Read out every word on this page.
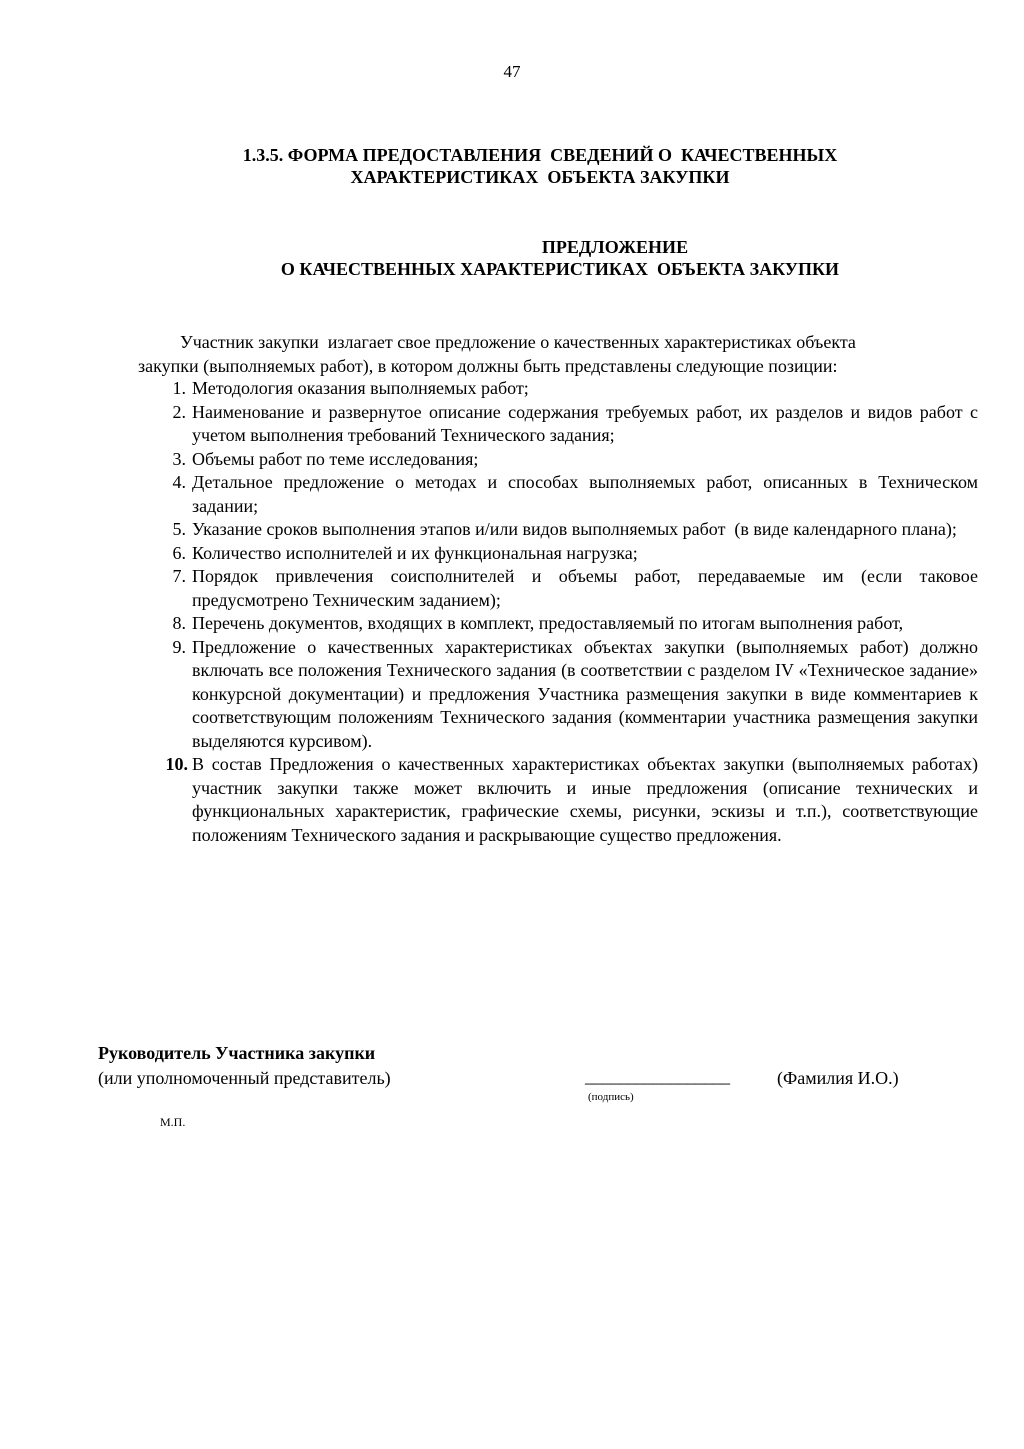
47
1.3.5. ФОРМА ПРЕДОСТАВЛЕНИЯ  СВЕДЕНИЙ О  КАЧЕСТВЕННЫХ
ХАРАКТЕРИСТИКАХ  ОБЪЕКТА ЗАКУПКИ
ПРЕДЛОЖЕНИЕ
О КАЧЕСТВЕННЫХ ХАРАКТЕРИСТИКАХ  ОБЪЕКТА ЗАКУПКИ
Участник закупки  излагает свое предложение о качественных характеристиках объекта
закупки (выполняемых работ), в котором должны быть представлены следующие позиции:
1. Методология оказания выполняемых работ;
2. Наименование и развернутое описание содержания требуемых работ, их разделов и видов работ с учетом выполнения требований Технического задания;
3. Объемы работ по теме исследования;
4. Детальное предложение о методах и способах выполняемых работ, описанных в Техническом задании;
5. Указание сроков выполнения этапов и/или видов выполняемых работ  (в виде календарного плана);
6. Количество исполнителей и их функциональная нагрузка;
7. Порядок привлечения соисполнителей и объемы работ, передаваемые им (если таковое предусмотрено Техническим заданием);
8. Перечень документов, входящих в комплект, предоставляемый по итогам выполнения работ,
9. Предложение о качественных характеристиках объектах закупки (выполняемых работ) должно включать все положения Технического задания (в соответствии с разделом IV «Техническое задание» конкурсной документации) и предложения Участника размещения закупки в виде комментариев к соответствующим положениям Технического задания (комментарии участника размещения закупки выделяются курсивом).
10. В состав Предложения о качественных характеристиках объектах закупки (выполняемых работах) участник закупки также может включить и иные предложения (описание технических и функциональных характеристик, графические схемы, рисунки, эскизы и т.п.), соответствующие положениям Технического задания и раскрывающие существо предложения.
Руководитель Участника закупки
(или уполномоченный представитель)	_________________	(Фамилия И.О.)
(подпись)
М.П.
